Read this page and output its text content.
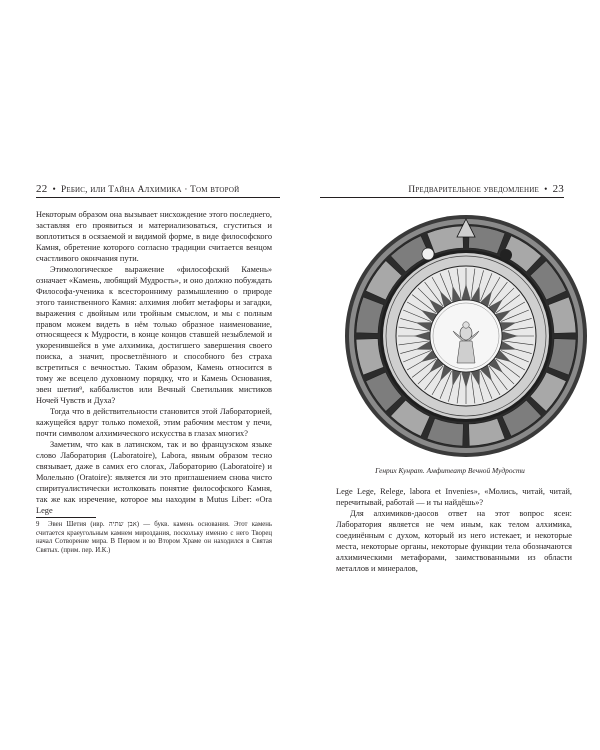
22  •  Ребис, или Тайна Алхимика · Том второй

Некоторым образом она вызывает нисхождение этого последнего, заставляя его проявиться и материализоваться, сгуститься и воплотиться в осязаемой и видимой форме, в виде философского Камня, обретение которого согласно традиции считается венцом счастливого окончания пути.

Этимологическое выражение «философский Камень» означает «Камень, любящий Мудрость», и оно должно побуждать Философа-ученика к всесторонниму размышлению о природе этого таинственного Камня: алхимия любит метафоры и загадки, выражения с двойным или тройным смыслом, и мы с полным правом можем видеть в нём только образное наименование, относящееся к Мудрости, в конце концов ставшей незыблемой и укоренившейся в уме алхимика, достигшего завершения своего поиска, а значит, просветлённого и способного без страха встретиться с вечностью. Таким образом, Камень относится в тому же всецело духовному порядку, что и Камень Основания, эвен шетия⁹, каббалистов или Вечный Светильник мистиков Ночей Чувств и Духа?

Тогда что в действительности становится этой Лабораторией, кажущейся вдруг только помехой, этим рабочим местом у печи, почти символом алхимического искусства в глазах многих?

Заметим, что как в латинском, так и во французском языке слово Лаборатория (Laboratoire), Labora, явным образом тесно связывает, даже в самих его слогах, Лабораторию (Laboratoire) и Молельню (Oratoire): является ли это приглашением снова чисто спиритуалистически истолковать понятие философского Камня, так же как изречение, которое мы находим в Mutus Liber: «Ora Lege

9 Эвен Шетия (ивр. אבן שתיה) — букв. камень основания. Этот камень считается краеугольным камнем мироздания, поскольку именно с него Творец начал Сотворение мира. В Первом и во Втором Храме он находился в Святая Святых. (прим. пер. И.К.)
Предварительное уведомление  •  23
Генрих Кунрат. Амфитеатр Вечной Мудрости

Lege Lege, Relege, labora et Invenies», «Молись, читай, читай, перечитывай, работай — и ты найдёшь»?

Для алхимиков-даосов ответ на этот вопрос ясен: Лаборатория является не чем иным, как телом алхимика, соединённым с духом, который из него истекает, и некоторые места, некоторые органы, некоторые функции тела обозначаются алхимическими метафорами, заимствованными из области металлов и минералов,
